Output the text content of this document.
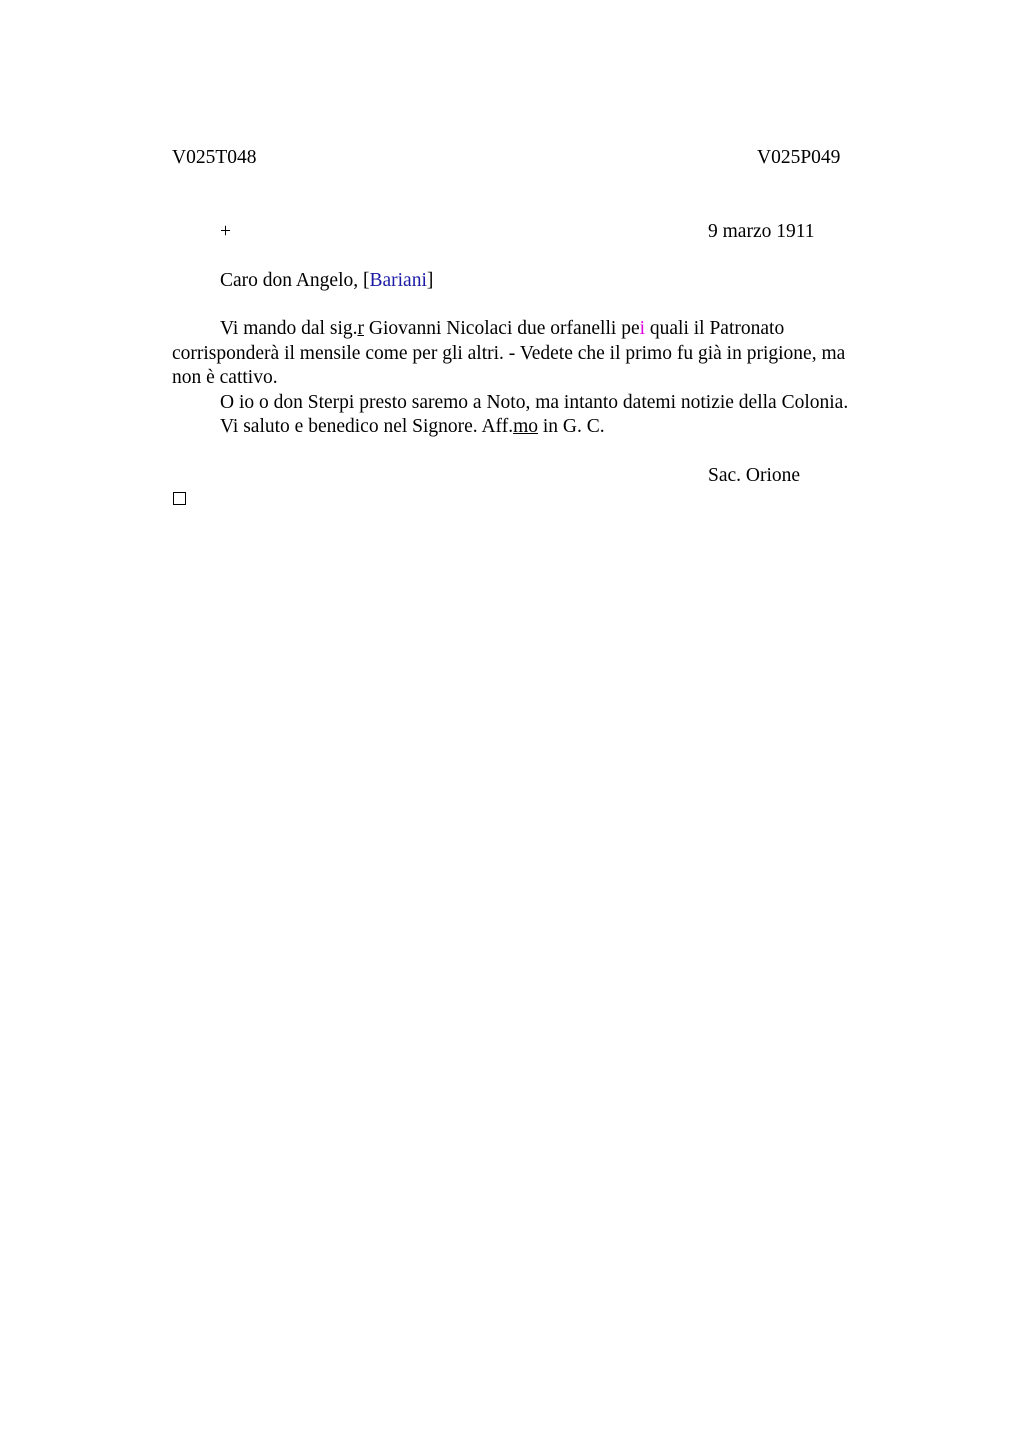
V025T048	V025P049
+	9 marzo 1911
Caro don Angelo, [Bariani]

Vi mando dal sig.r Giovanni Nicolaci due orfanelli pei quali il Patronato corrisponderà il mensile come per gli altri. - Vedete che il primo fu già in prigione, ma non è cattivo.

O io o don Sterpi presto saremo a Noto, ma intanto datemi notizie della Colonia.
Vi saluto e benedico nel Signore. Aff.mo in G. C.
Sac. Orione
